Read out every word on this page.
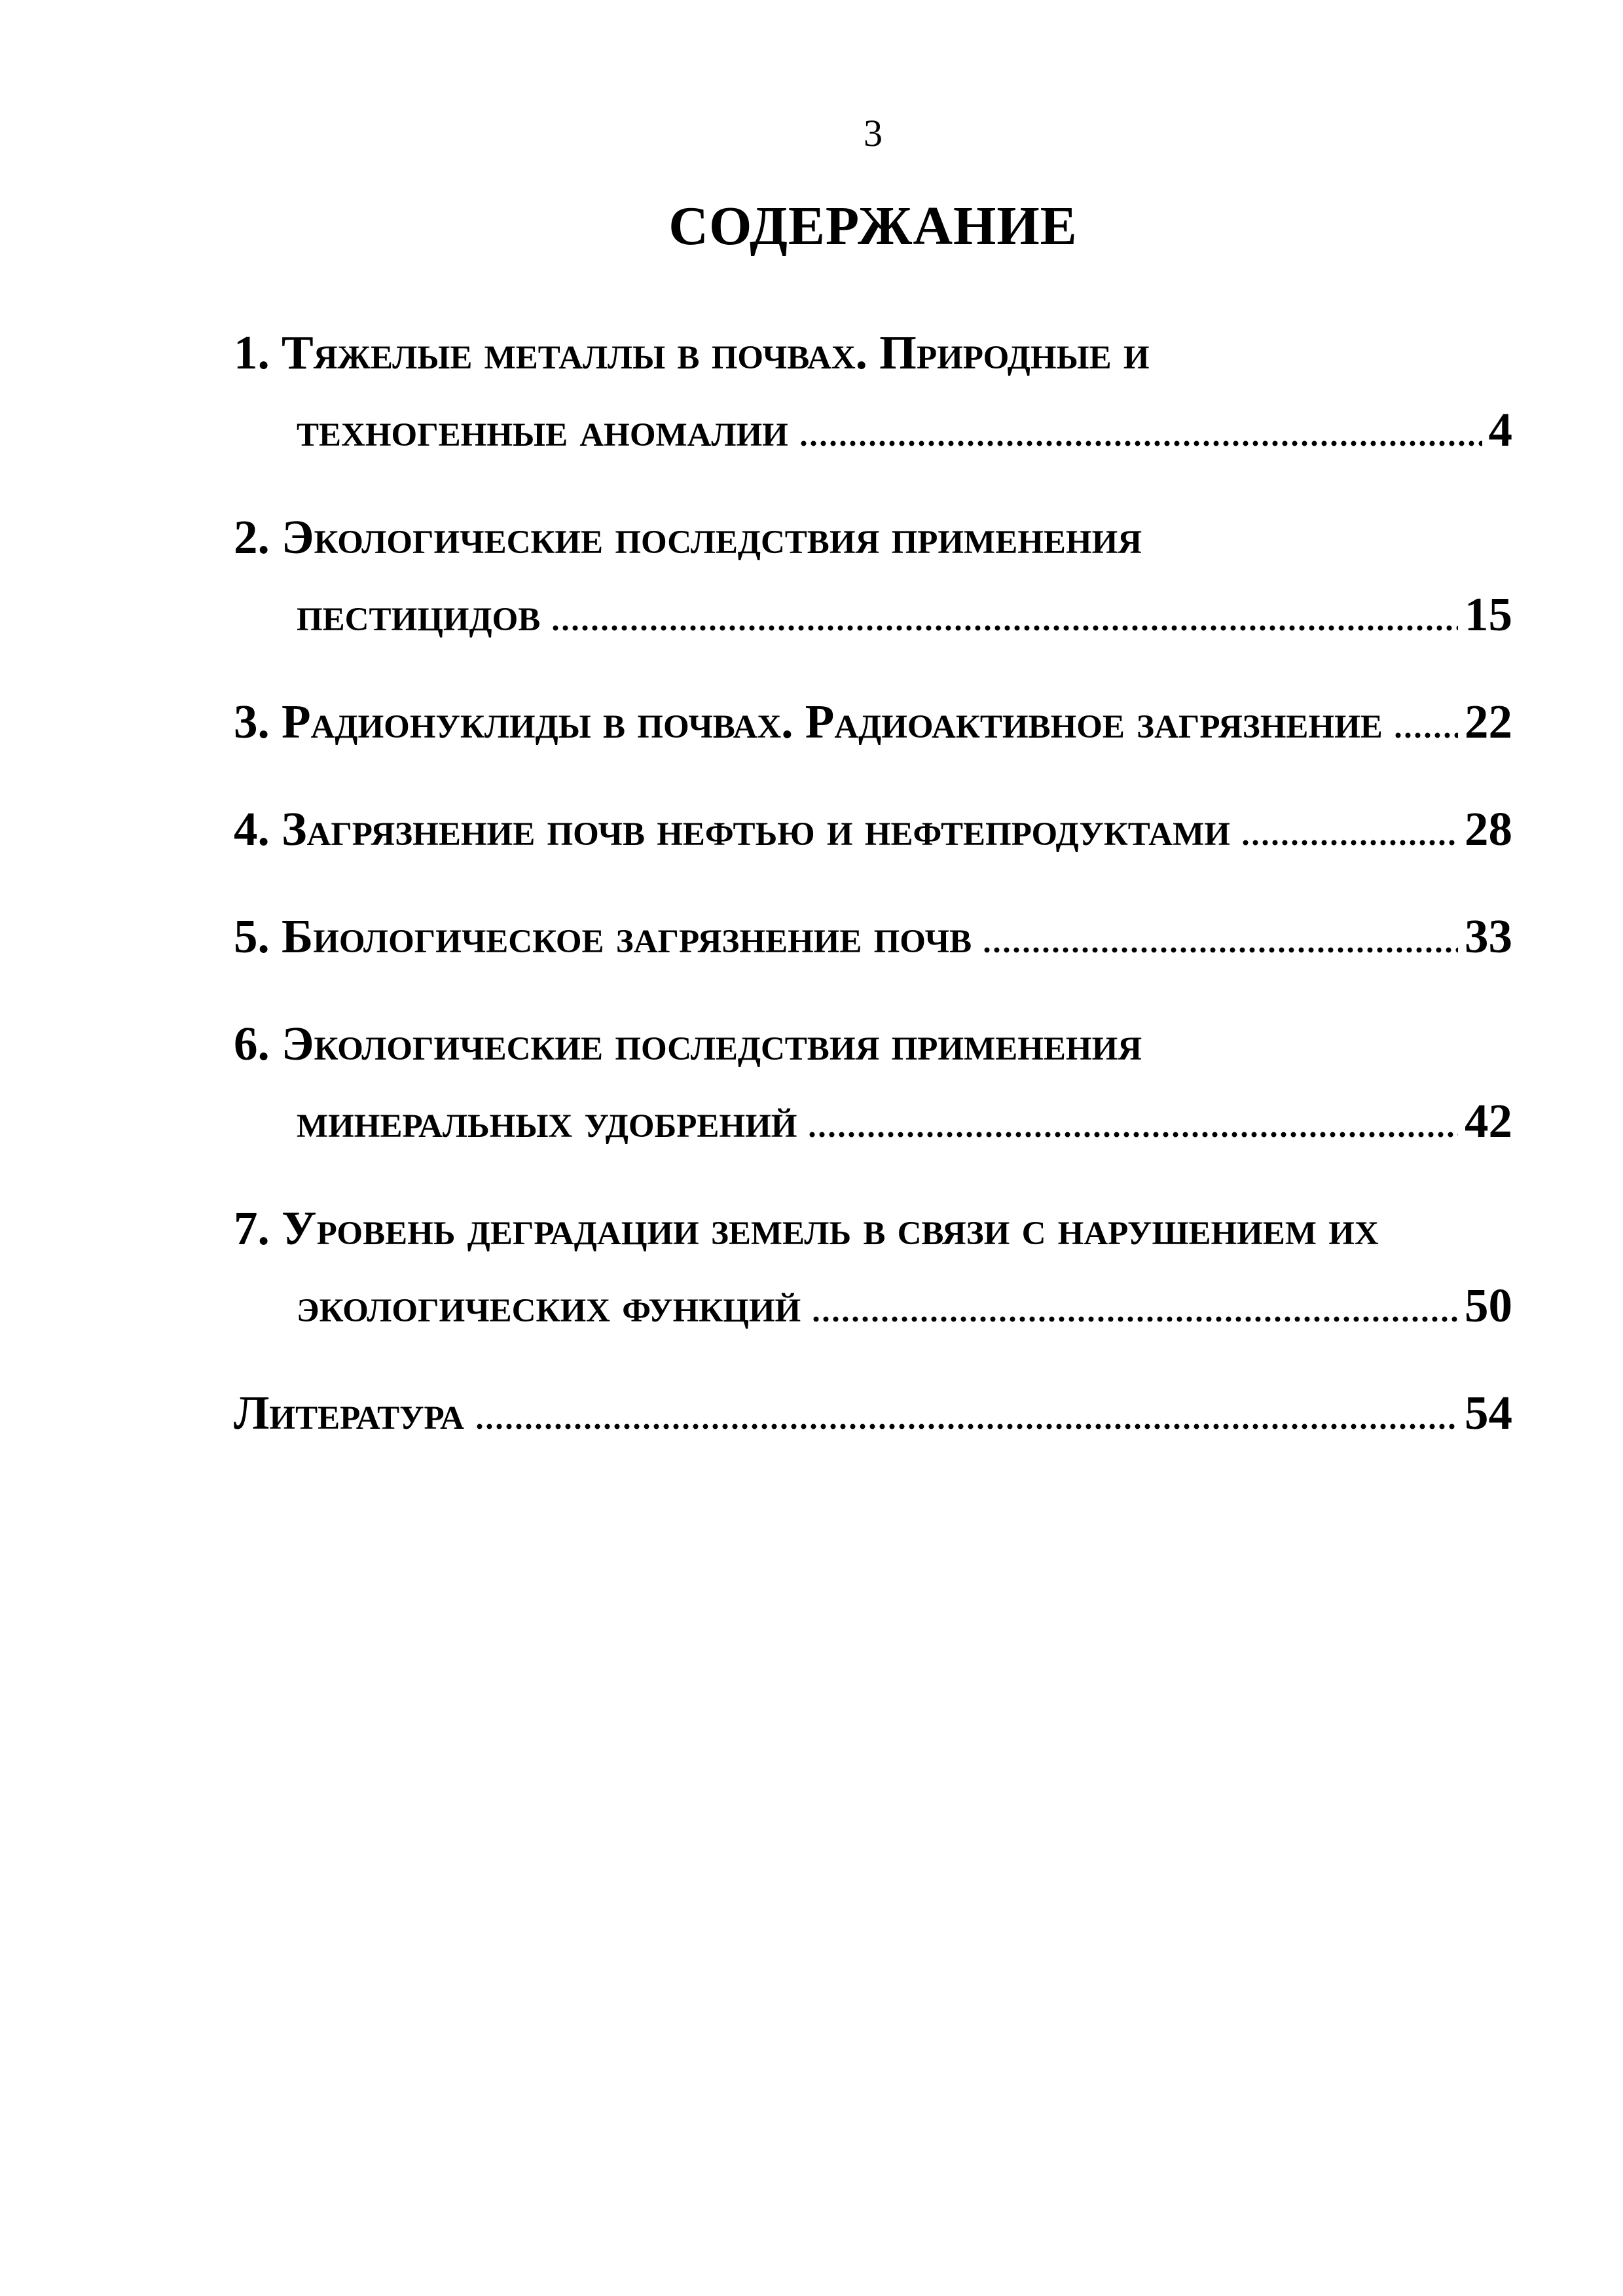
3
СОДЕРЖАНИЕ
1. Тяжелые металлы в почвах. Природные и
техногенные аномалии	4
2. Экологические последствия применения
пестицидов	15
3. Радионуклиды в почвах. Радиоактивное загрязнение 22
4. Загрязнение почв нефтью и нефтепродуктами	28
5. Биологическое загрязнение почв	33
6. Экологические последствия применения
минеральных удобрений	42
7. Уровень деградации земель в связи с нарушением их
экологических функций	50
Литература	54
